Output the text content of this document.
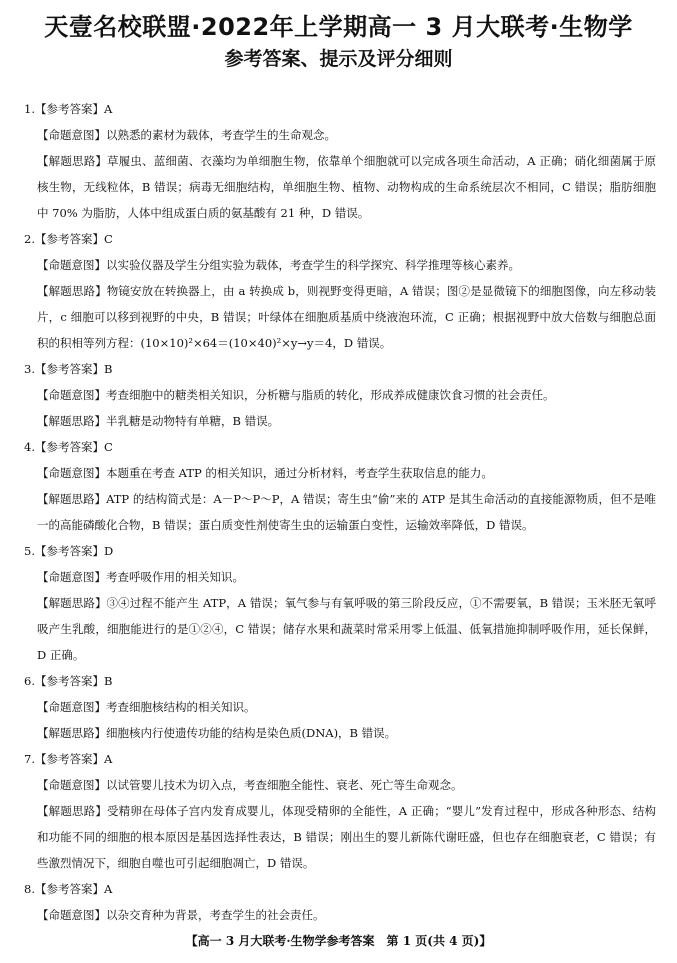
天壹名校联盟·2022年上学期高一 3 月大联考·生物学
参考答案、提示及评分细则

1.【参考答案】A

【命题意图】以熟悉的素材为载体，考查学生的生命观念。

【解题思路】草履虫、蓝细菌、衣藻均为单细胞生物，依靠单个细胞就可以完成各项生命活动，A 正确；硝化细菌属于原核生物，无线粒体，B 错误；病毒无细胞结构，单细胞生物、植物、动物构成的生命系统层次不相同，C 错误；脂肪细胞中 70% 为脂肪，人体中组成蛋白质的氨基酸有 21 种，D 错误。

2.【参考答案】C

【命题意图】以实验仪器及学生分组实验为载体，考查学生的科学探究、科学推理等核心素养。

【解题思路】物镜安放在转换器上，由 a 转换成 b，则视野变得更暗，A 错误；图②是显微镜下的细胞图像，向左移动装片，c 细胞可以移到视野的中央，B 错误；叶绿体在细胞质基质中绕液泡环流，C 正确；根据视野中放大倍数与细胞总面积的积相等列方程：(10×10)²×64＝(10×40)²×y→y＝4，D 错误。

3.【参考答案】B

【命题意图】考查细胞中的糖类相关知识，分析糖与脂质的转化，形成养成健康饮食习惯的社会责任。

【解题思路】半乳糖是动物特有单糖，B 错误。

4.【参考答案】C

【命题意图】本题重在考查 ATP 的相关知识，通过分析材料，考查学生获取信息的能力。

【解题思路】ATP 的结构简式是：A－P～P～P，A 错误；寄生虫“偷”来的 ATP 是其生命活动的直接能源物质，但不是唯一的高能磷酸化合物，B 错误；蛋白质变性剂使寄生虫的运输蛋白变性，运输效率降低，D 错误。

5.【参考答案】D

【命题意图】考查呼吸作用的相关知识。

【解题思路】③④过程不能产生 ATP，A 错误；氧气参与有氧呼吸的第三阶段反应，①不需要氧，B 错误；玉米胚无氧呼吸产生乳酸，细胞能进行的是①②④，C 错误；储存水果和蔬菜时常采用零上低温、低氧措施抑制呼吸作用，延长保鲜，D 正确。

6.【参考答案】B

【命题意图】考查细胞核结构的相关知识。

【解题思路】细胞核内行使遗传功能的结构是染色质(DNA)，B 错误。

7.【参考答案】A

【命题意图】以试管婴儿技术为切入点，考查细胞全能性、衰老、死亡等生命观念。

【解题思路】受精卵在母体子宫内发育成婴儿，体现受精卵的全能性，A 正确；“婴儿”发育过程中，形成各种形态、结构和功能不同的细胞的根本原因是基因选择性表达，B 错误；刚出生的婴儿新陈代谢旺盛，但也存在细胞衰老，C 错误；有些激烈情况下，细胞自噬也可引起细胞凋亡，D 错误。

8.【参考答案】A

【命题意图】以杂交育种为背景，考查学生的社会责任。

【高一 3 月大联考·生物学参考答案　第 1 页(共 4 页)】
